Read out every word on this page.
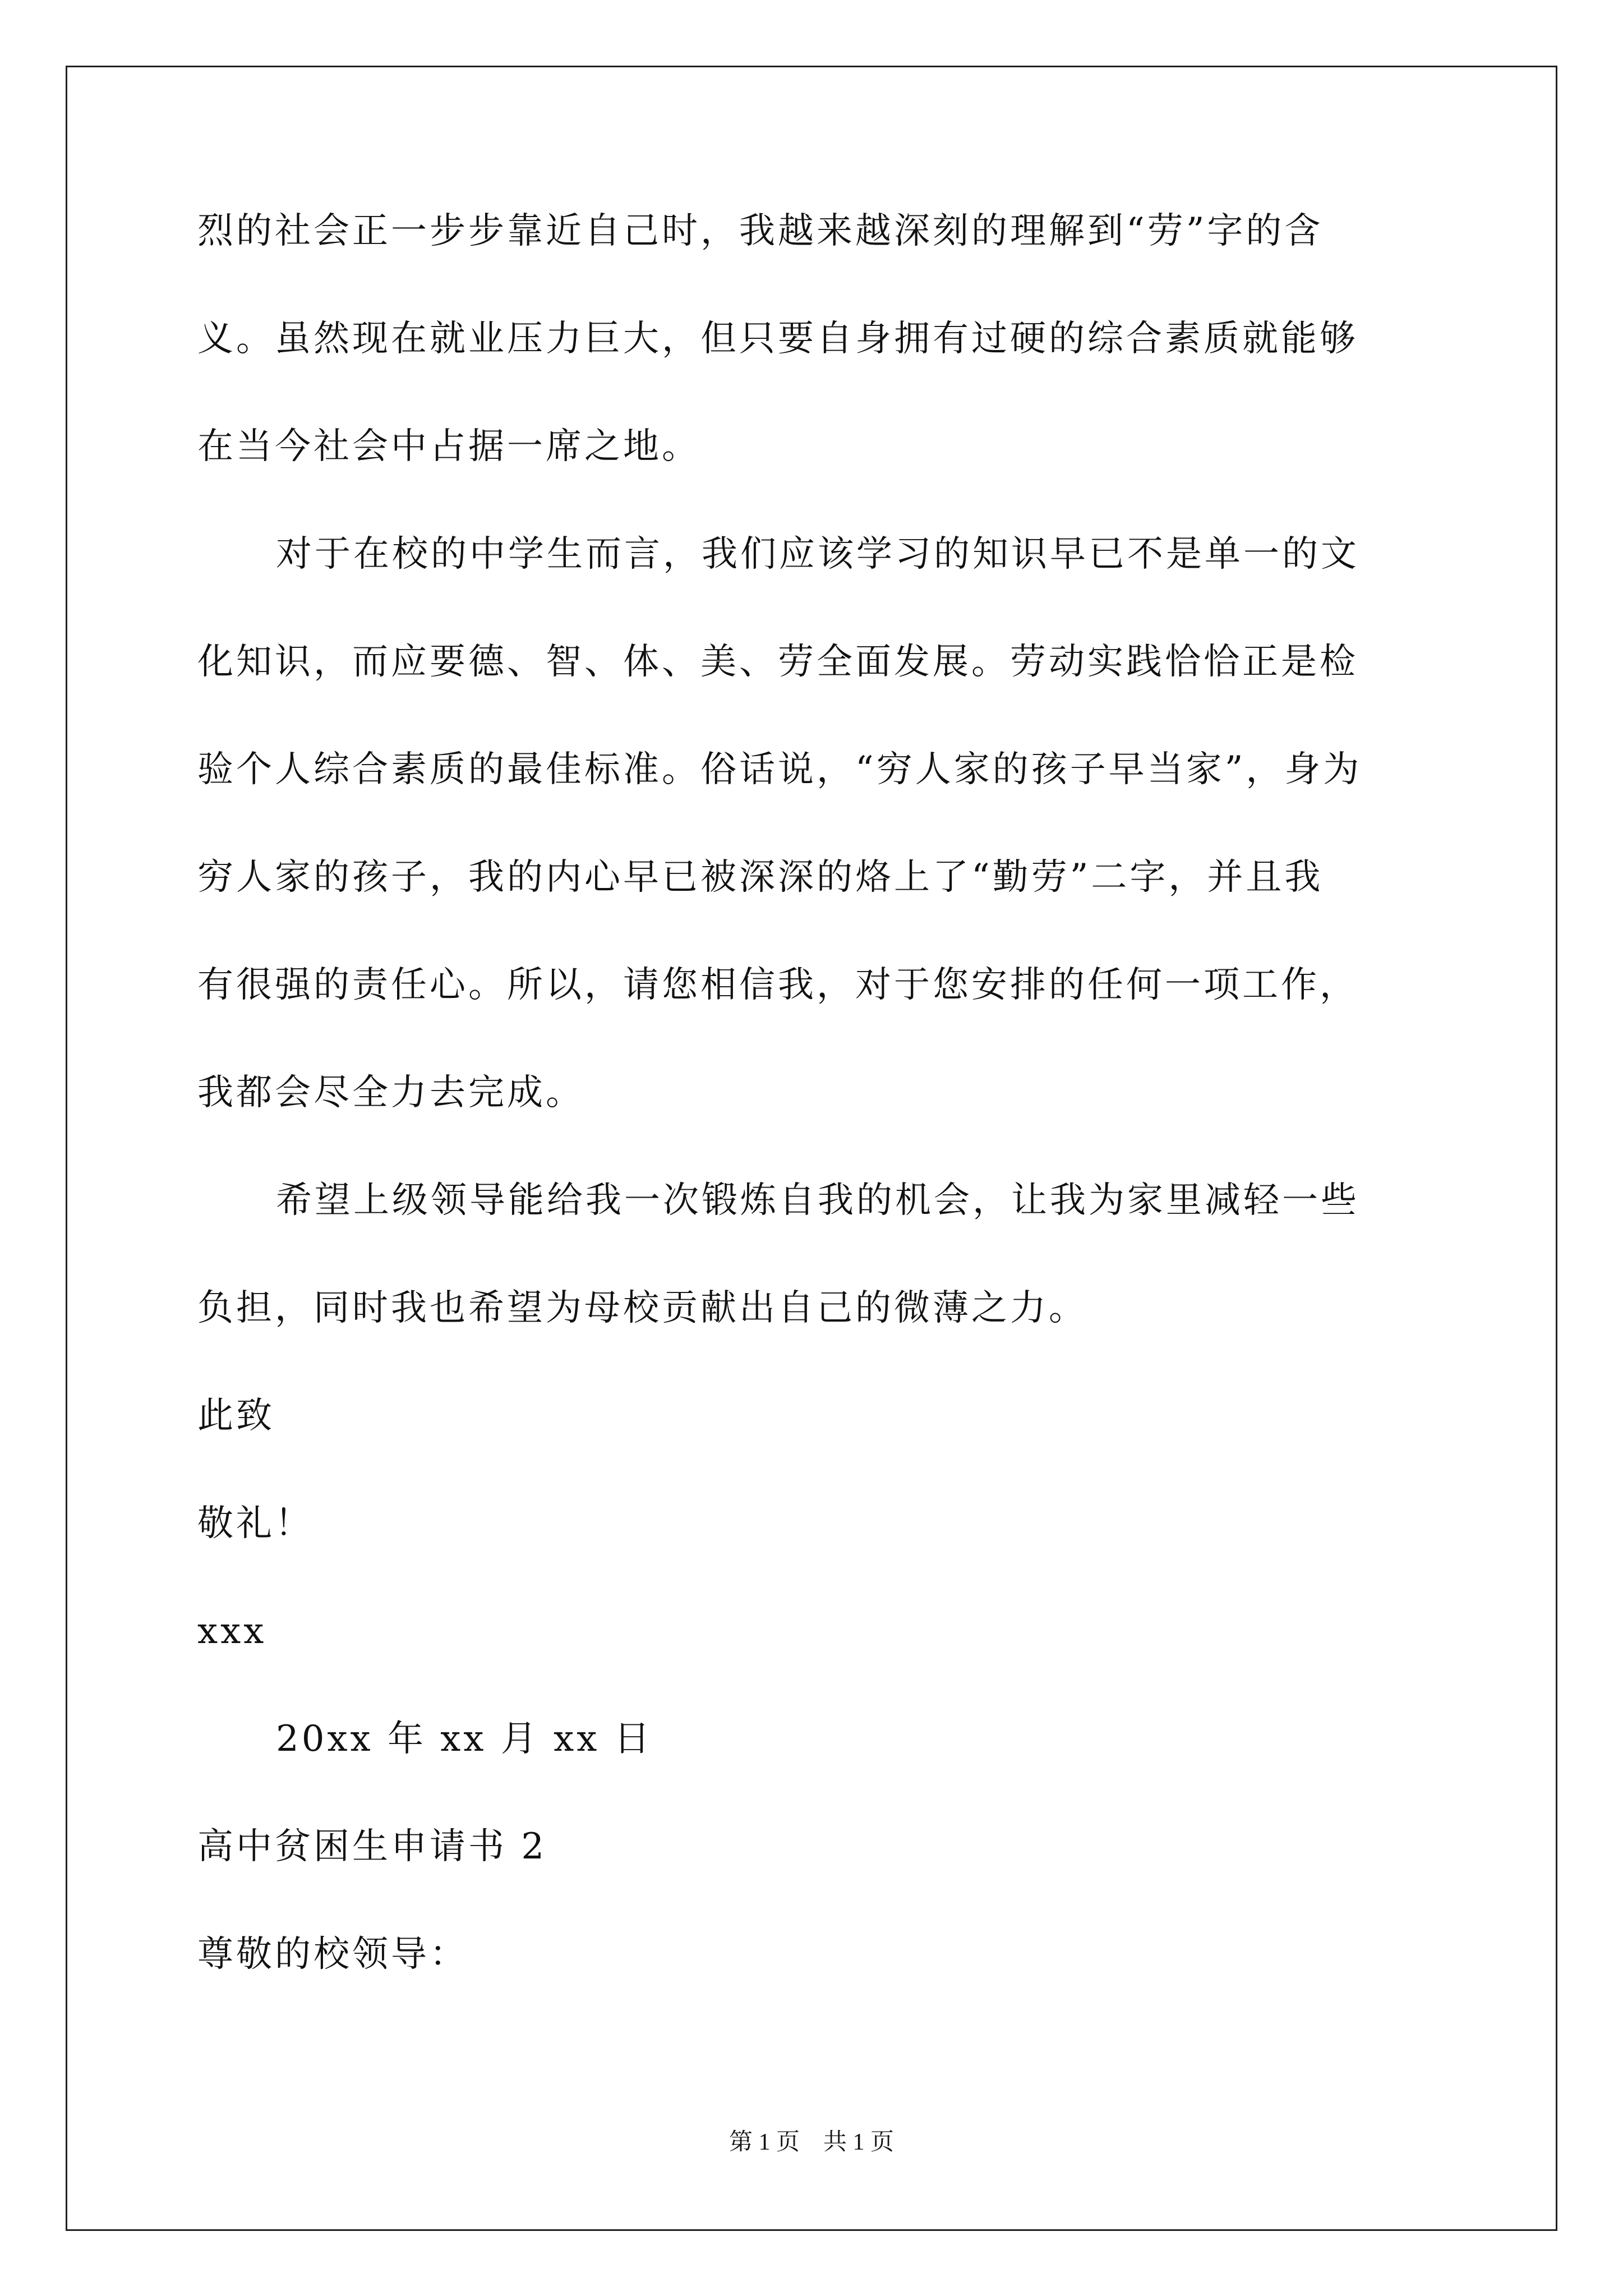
烈的社会正一步步靠近自己时，我越来越深刻的理解到“劳”字的含
义。虽然现在就业压力巨大，但只要自身拥有过硬的综合素质就能够
在当今社会中占据一席之地。
对于在校的中学生而言，我们应该学习的知识早已不是单一的文
化知识，而应要德、智、体、美、劳全面发展。劳动实践恰恰正是检
验个人综合素质的最佳标准。俗话说，“穷人家的孩子早当家”，身为
穷人家的孩子，我的内心早已被深深的烙上了“勤劳”二字，并且我
有很强的责任心。所以，请您相信我，对于您安排的任何一项工作，
我都会尽全力去完成。
希望上级领导能给我一次锻炼自我的机会，让我为家里减轻一些
负担，同时我也希望为母校贡献出自己的微薄之力。
此致
敬礼！
xxx
20xx 年 xx 月 xx 日
高中贫困生申请书 2
尊敬的校领导：
第 1 页    共 1 页
